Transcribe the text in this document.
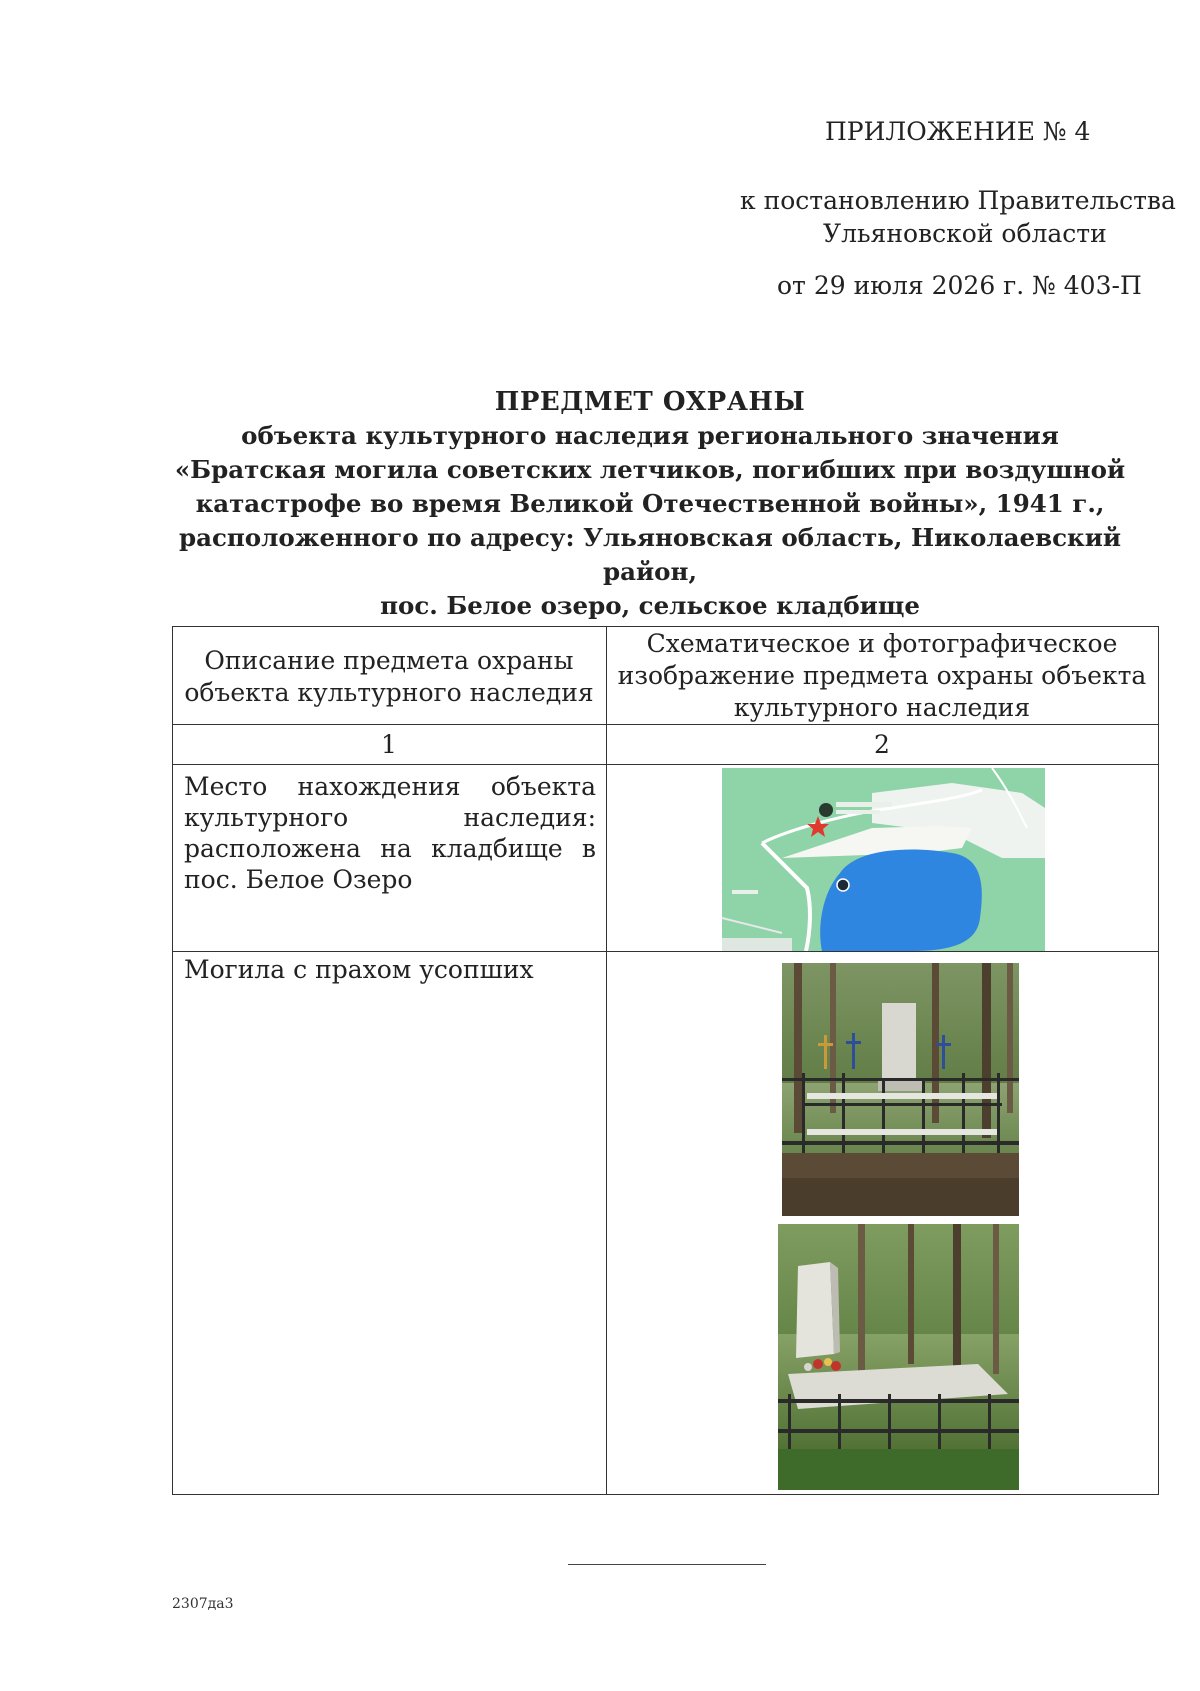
ПРИЛОЖЕНИЕ № 4
к постановлению Правительства
Ульяновской области
от 29 июля 2026 г. № 403-П
ПРЕДМЕТ ОХРАНЫ
объекта культурного наследия регионального значения
«Братская могила советских летчиков, погибших при воздушной
катастрофе во время Великой Отечественной войны», 1941 г.,
расположенного по адресу: Ульяновская область, Николаевский район,
пос. Белое озеро, сельское кладбище
Описание предмета охраны
объекта культурного наследия
Схематическое и фотографическое
изображение предмета охраны объекта
культурного наследия
1	2
Место нахождения объекта культурного наследия: расположена на кладбище в пос. Белое Озеро
Могила с прахом усопших
2307да3
